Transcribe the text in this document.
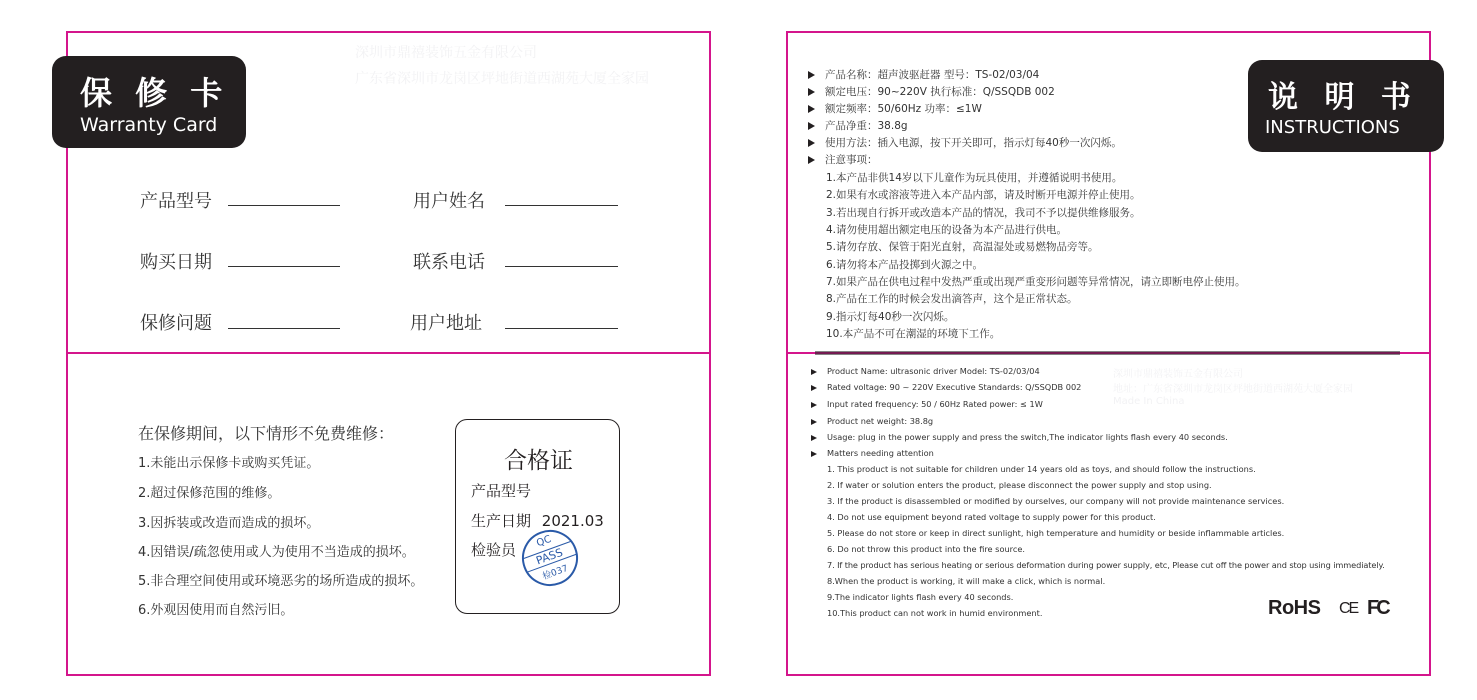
深圳市鼎禧装饰五金有限公司
广东省深圳市龙岗区坪地街道西湖苑大厦全家园
保 修 卡
Warranty Card
产品型号	用户姓名
购买日期	联系电话
保修问题	用户地址
在保修期间，以下情形不免费维修：
1.未能出示保修卡或购买凭证。
2.超过保修范围的维修。
3.因拆装或改造而造成的损坏。
4.因错误/疏忽使用或人为使用不当造成的损坏。
5.非合理空间使用或环境恶劣的场所造成的损坏。
6.外观因使用而自然污旧。
合格证
产品型号
生产日期 2021.03
检验员	QC
PASS
检037
说 明 书
INSTRUCTIONS
产品名称：超声波驱赶器 型号：TS-02/03/04
额定电压：90~220V 执行标准：Q/SSQDB 002
额定频率：50/60Hz 功率：≤1W
产品净重：38.8g
使用方法：插入电源，按下开关即可，指示灯每40秒一次闪烁。
注意事项：
1.本产品非供14岁以下儿童作为玩具使用，并遵循说明书使用。
2.如果有水或溶液等进入本产品内部，请及时断开电源并停止使用。
3.若出现自行拆开或改造本产品的情况，我司不予以提供维修服务。
4.请勿使用超出额定电压的设备为本产品进行供电。
5.请勿存放、保管于阳光直射，高温湿处或易燃物品旁等。
6.请勿将本产品投掷到火源之中。
7.如果产品在供电过程中发热严重或出现严重变形问题等异常情况，请立即断电停止使用。
8.产品在工作的时候会发出滴答声，这个是正常状态。
9.指示灯每40秒一次闪烁。
10.本产品不可在潮湿的环境下工作。
深圳市鼎禧装饰五金有限公司
地址：广东省深圳市龙岗区坪地街道西湖苑大厦全家园
Made In China
Product Name: ultrasonic driver Model: TS-02/03/04
Rated voltage: 90 ~ 220V Executive Standards: Q/SSQDB 002
Input rated frequency: 50 / 60Hz Rated power: ≤ 1W
Product net weight: 38.8g
Usage: plug in the power supply and press the switch,The indicator lights flash every 40 seconds.
Matters needing attention
1. This product is not suitable for children under 14 years old as toys, and should follow the instructions.
2. If water or solution enters the product, please disconnect the power supply and stop using.
3. If the product is disassembled or modified by ourselves, our company will not provide maintenance services.
4. Do not use equipment beyond rated voltage to supply power for this product.
5. Please do not store or keep in direct sunlight, high temperature and humidity or beside inflammable articles.
6. Do not throw this product into the fire source.
7. If the product has serious heating or serious deformation during power supply, etc, Please cut off the power and stop using immediately.
8.When the product is working, it will make a click, which is normal.
9.The indicator lights flash every 40 seconds.
10.This product can not work in humid environment.	RoHS CE FC
